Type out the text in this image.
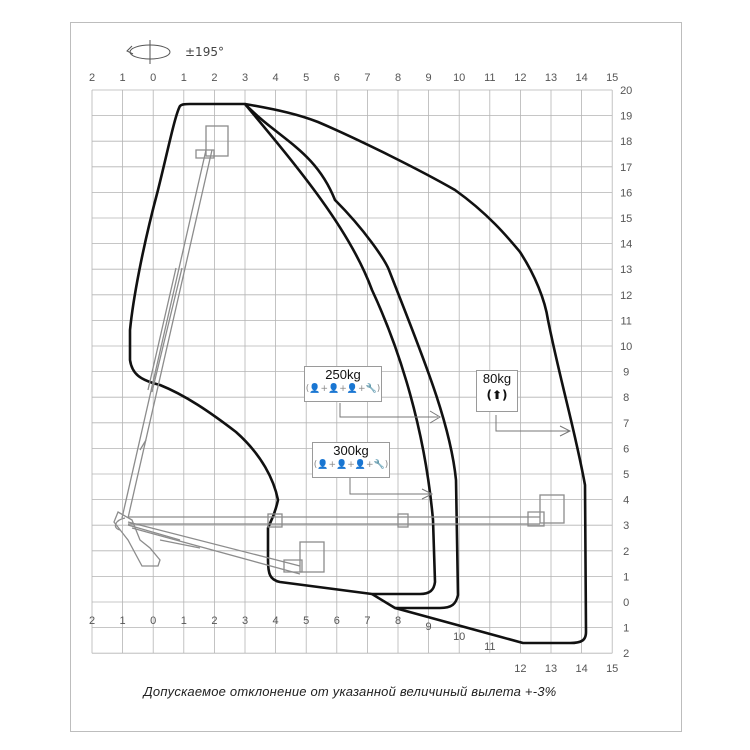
2
2
1
1
0
0
1
1
2
2
3
3
4
4
5
5
6
6
7
7
8
8
9
9
10
10
11
11
12
12
13
13
14
14
15
15
20
19
18
17
16
15
14
13
12
11
10
9
8
7
6
5
4
3
2
1
0
1
2
±195°
250kg
(👤+👤+👤+🔧)
300kg
(👤+👤+👤+🔧)
80kg
(⬆)
Допускаемое отклонение от указанной величиный вылета +-3%
